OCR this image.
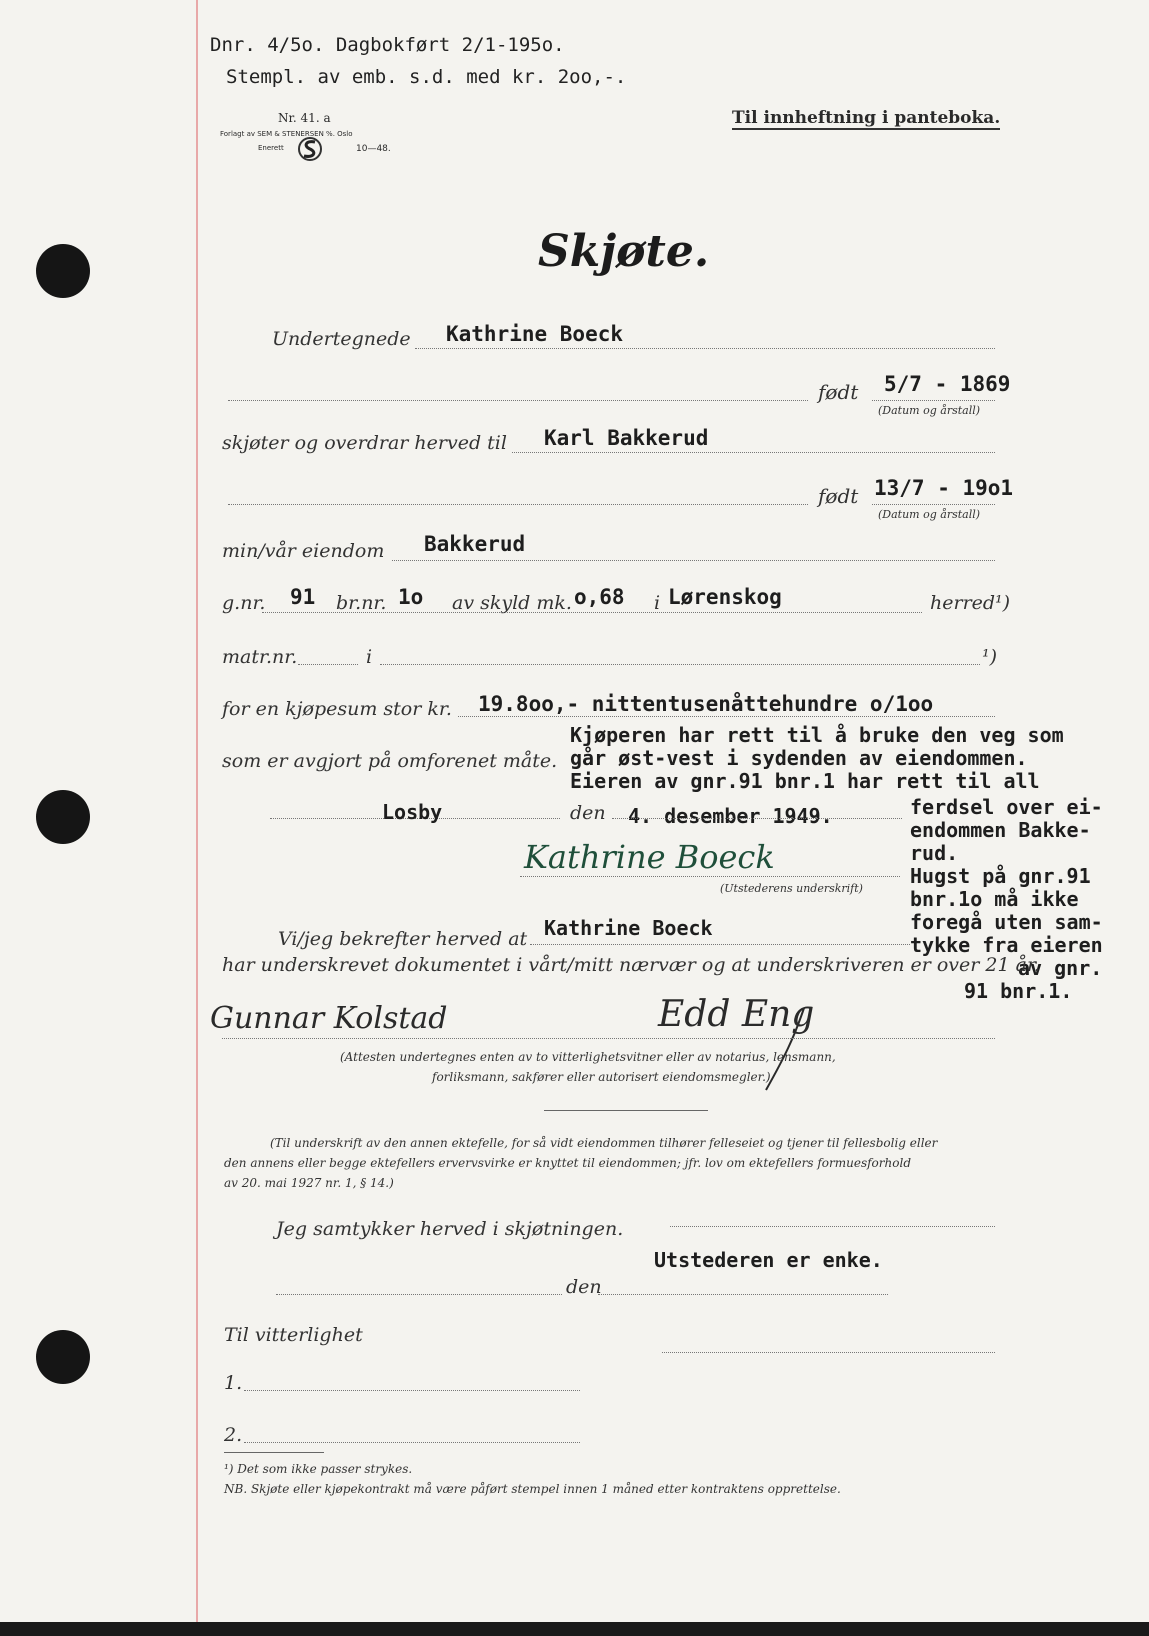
Dnr. 4/5o. Dagbokført 2/1-195o.
Stempl. av emb. s.d. med kr. 2oo,-.
Nr. 41. a
Forlagt av SEM & STENERSEN %. Oslo
Enerett	10—48.
Til innheftning i panteboka.
Skjøte.
Undertegnede Kathrine Boeck
født 5/7 - 1869
(Datum og årstall)
skjøter og overdrar herved til Karl Bakkerud
født 13/7 - 19o1
(Datum og årstall)
min/vår eiendom Bakkerud
g.nr. 91 br.nr. 1o av skyld mk. o,68 i Lørenskog	herred¹)
matr.nr.	i	¹)
for en kjøpesum stor kr. 19.8oo,- nittentusenåttehundre o/1oo
som er avgjort på omforenet måte.
Kjøperen har rett til å bruke den veg som
går øst-vest i sydenden av eiendommen.
Eieren av gnr.91 bnr.1 har rett til all
ferdsel over ei-
endommen Bakke-
rud.
Hugst på gnr.91
bnr.1o må ikke
foregå uten sam-
tykke fra eieren
av gnr.
91 bnr.1.
Losby	den 4. desember 1949.
Kathrine Boeck
(Utstederens underskrift)
Vi/jeg bekrefter herved at Kathrine Boeck
har underskrevet dokumentet i vårt/mitt nærvær og at underskriveren er over 21 år.
Gunnar Kolstad	Edd Eng
(Attesten undertegnes enten av to vitterlighetsvitner eller av notarius, lensmann,
forliksmann, sakfører eller autorisert eiendomsmegler.)
(Til underskrift av den annen ektefelle, for så vidt eiendommen tilhører felleseiet og tjener til fellesbolig eller
den annens eller begge ektefellers ervervsvirke er knyttet til eiendommen; jfr. lov om ektefellers formuesforhold
av 20. mai 1927 nr. 1, § 14.)
Jeg samtykker herved i skjøtningen.
Utstederen er enke.
den
Til vitterlighet
1.
2.
¹) Det som ikke passer strykes.
NB. Skjøte eller kjøpekontrakt må være påført stempel innen 1 måned etter kontraktens opprettelse.
